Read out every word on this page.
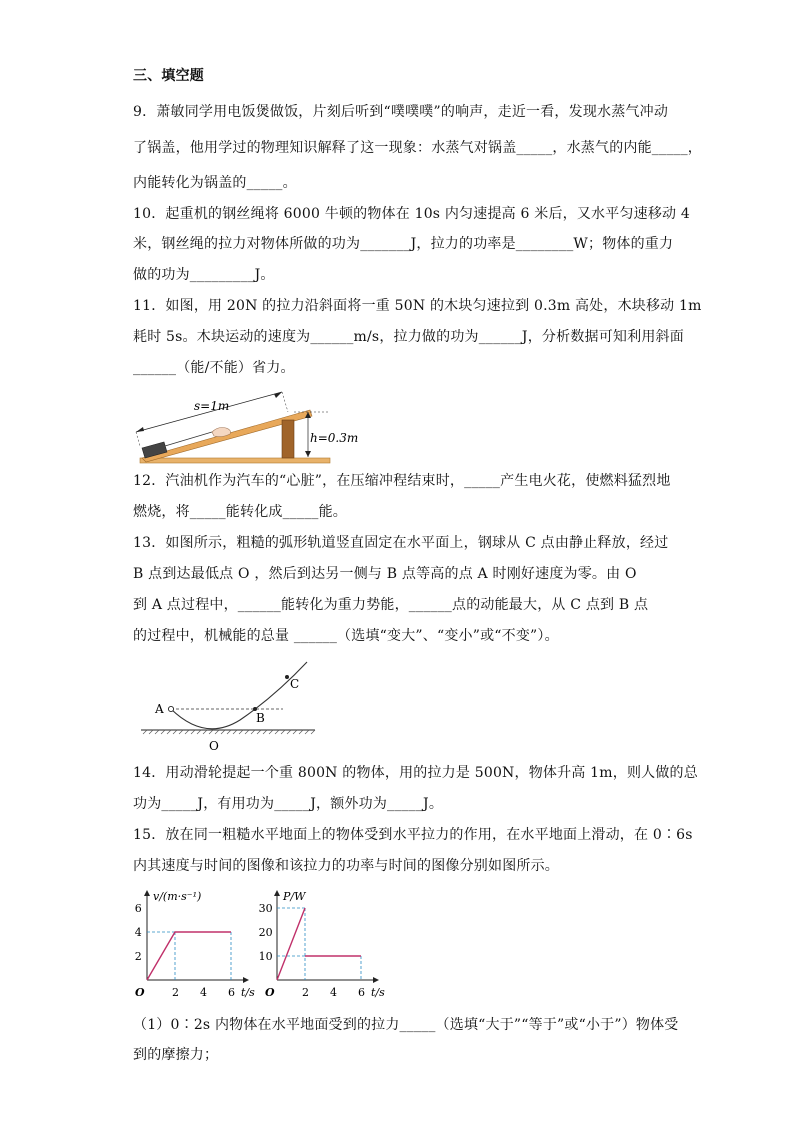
三、填空题
9．萧敏同学用电饭煲做饭，片刻后听到“噗噗噗”的响声，走近一看，发现水蒸气冲动
了锅盖，他用学过的物理知识解释了这一现象：水蒸气对锅盖_____，水蒸气的内能_____，
内能转化为锅盖的_____。
10．起重机的钢丝绳将 6000 牛顿的物体在 10s 内匀速提高 6 米后，又水平匀速移动 4
米，钢丝绳的拉力对物体所做的功为_______J，拉力的功率是________W；物体的重力
做的功为_________J。
11．如图，用 20N 的拉力沿斜面将一重 50N 的木块匀速拉到 0.3m 高处，木块移动 1m
耗时 5s。木块运动的速度为______m/s，拉力做的功为______J，分析数据可知利用斜面
______（能/不能）省力。
s=1m
h=0.3m
12．汽油机作为汽车的“心脏”，在压缩冲程结束时，_____产生电火花，使燃料猛烈地
燃烧，将_____能转化成_____能。
13．如图所示，粗糙的弧形轨道竖直固定在水平面上，钢球从 C 点由静止释放，经过
B 点到达最低点 O ，然后到达另一侧与 B 点等高的点 A 时刚好速度为零。由 O
到 A 点过程中，______能转化为重力势能，______点的动能最大，从 C 点到 B 点
的过程中，机械能的总量 ______（选填“变大”、“变小”或“不变”）。
A
B
C
O
14．用动滑轮提起一个重 800N 的物体，用的拉力是 500N，物体升高 1m，则人做的总
功为_____J，有用功为_____J，额外功为_____J。
15．放在同一粗糙水平地面上的物体受到水平拉力的作用，在水平地面上滑动，在 0∶6s
内其速度与时间的图像和该拉力的功率与时间的图像分别如图所示。
v/(m·s⁻¹)
t/s
O 2 4 6
2
4
6
P/W
t/s
O 2 4 6
10
20
30
（1）0∶2s 内物体在水平地面受到的拉力_____（选填“大于”“等于”或“小于”）物体受
到的摩擦力；
